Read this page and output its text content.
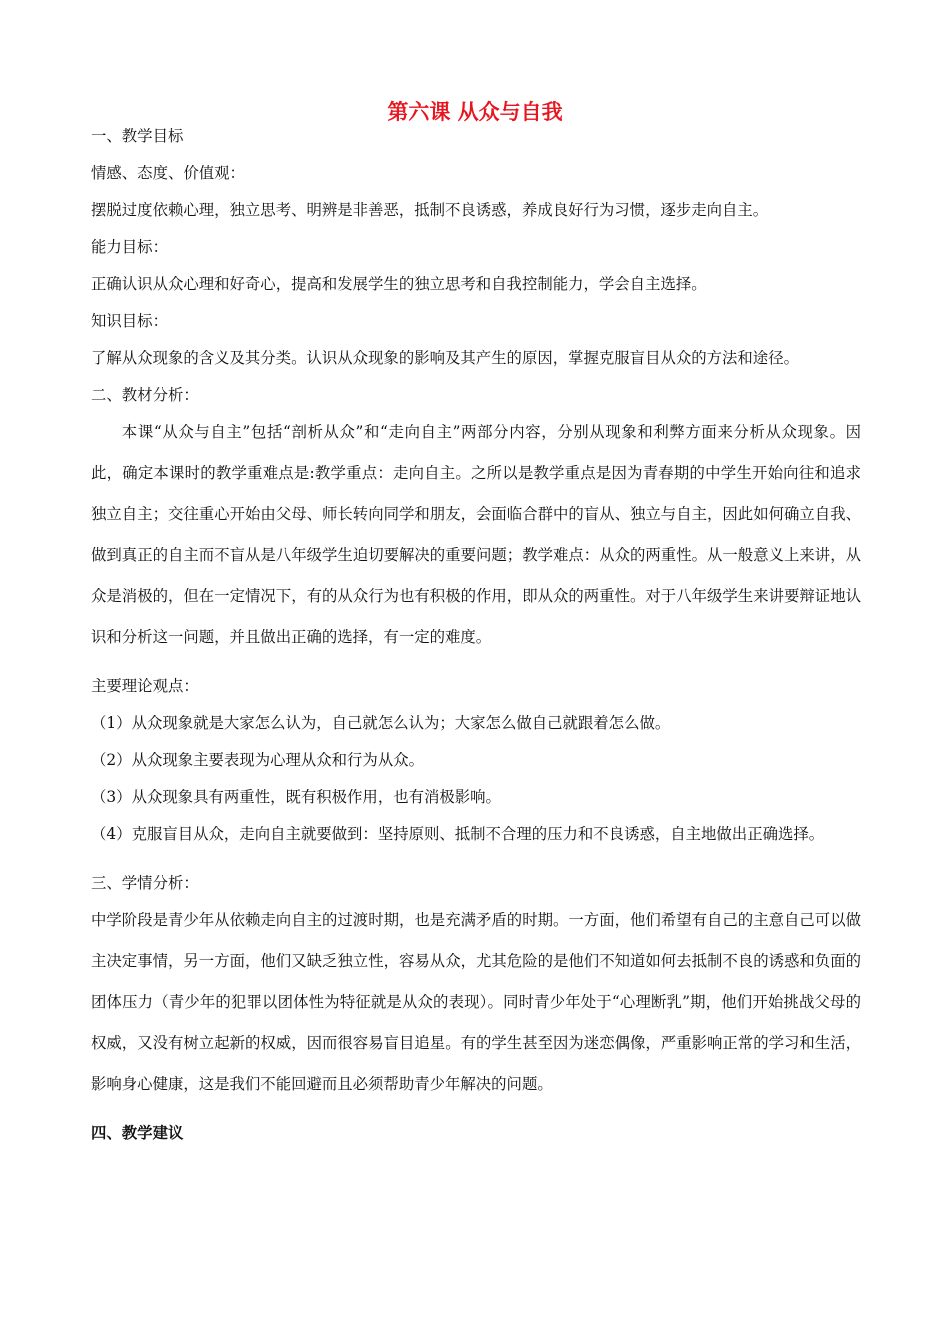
第六课 从众与自我

一、教学目标

情感、态度、价值观：

摆脱过度依赖心理，独立思考、明辨是非善恶，抵制不良诱惑，养成良好行为习惯，逐步走向自主。

能力目标：

正确认识从众心理和好奇心，提高和发展学生的独立思考和自我控制能力，学会自主选择。

知识目标：

了解从众现象的含义及其分类。认识从众现象的影响及其产生的原因，掌握克服盲目从众的方法和途径。

二、教材分析：

本课“从众与自主”包括“剖析从众”和“走向自主”两部分内容，分别从现象和利弊方面来分析从众现象。因此，确定本课时的教学重难点是:教学重点：走向自主。之所以是教学重点是因为青春期的中学生开始向往和追求独立自主；交往重心开始由父母、师长转向同学和朋友，会面临合群中的盲从、独立与自主，因此如何确立自我、做到真正的自主而不盲从是八年级学生迫切要解决的重要问题；教学难点：从众的两重性。从一般意义上来讲，从众是消极的，但在一定情况下，有的从众行为也有积极的作用，即从众的两重性。对于八年级学生来讲要辩证地认识和分析这一问题，并且做出正确的选择，有一定的难度。

主要理论观点：

（1）从众现象就是大家怎么认为，自己就怎么认为；大家怎么做自己就跟着怎么做。

（2）从众现象主要表现为心理从众和行为从众。

（3）从众现象具有两重性，既有积极作用，也有消极影响。

（4）克服盲目从众，走向自主就要做到：坚持原则、抵制不合理的压力和不良诱惑，自主地做出正确选择。

三、学情分析：

中学阶段是青少年从依赖走向自主的过渡时期，也是充满矛盾的时期。一方面，他们希望有自己的主意自己可以做主决定事情，另一方面，他们又缺乏独立性，容易从众，尤其危险的是他们不知道如何去抵制不良的诱惑和负面的团体压力（青少年的犯罪以团体性为特征就是从众的表现）。同时青少年处于“心理断乳”期，他们开始挑战父母的权威，又没有树立起新的权威，因而很容易盲目追星。有的学生甚至因为迷恋偶像，严重影响正常的学习和生活，影响身心健康，这是我们不能回避而且必须帮助青少年解决的问题。

四、教学建议
